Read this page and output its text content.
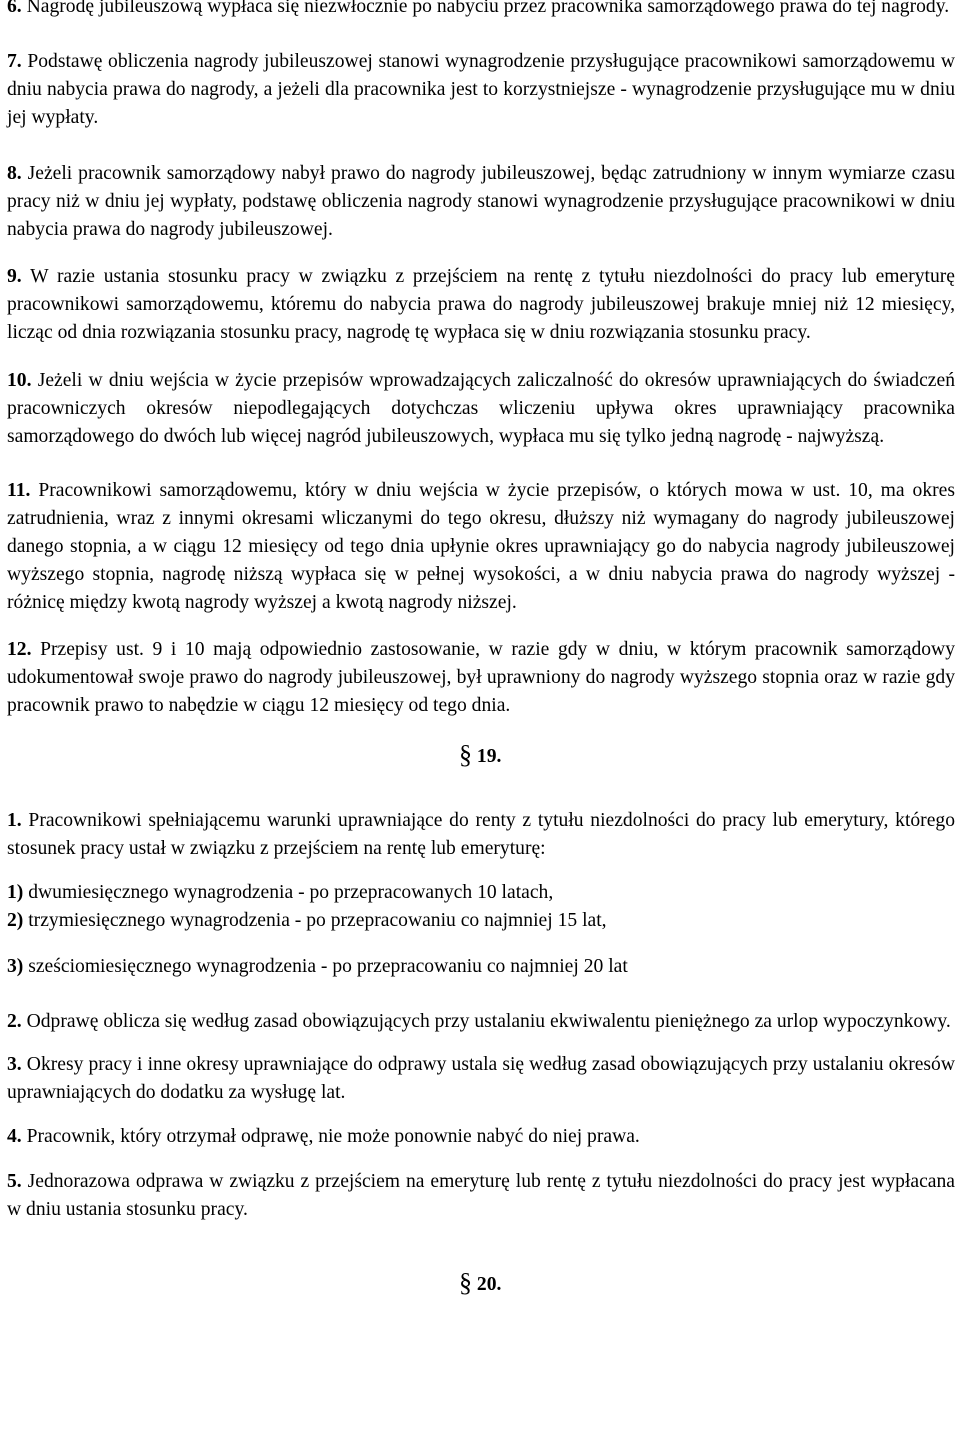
6. Nagrodę jubileuszową wypłaca się niezwłocznie po nabyciu przez pracownika samorządowego prawa do tej nagrody.

7. Podstawę obliczenia nagrody jubileuszowej stanowi wynagrodzenie przysługujące pracownikowi samorządowemu w dniu nabycia prawa do nagrody, a jeżeli dla pracownika jest to korzystniejsze - wynagrodzenie przysługujące mu w dniu jej wypłaty.

8. Jeżeli pracownik samorządowy nabył prawo do nagrody jubileuszowej, będąc zatrudniony w innym wymiarze czasu pracy niż w dniu jej wypłaty, podstawę obliczenia nagrody stanowi wynagrodzenie przysługujące pracownikowi w dniu nabycia prawa do nagrody jubileuszowej.

9. W razie ustania stosunku pracy w związku z przejściem na rentę z tytułu niezdolności do pracy lub emeryturę pracownikowi samorządowemu, któremu do nabycia prawa do nagrody jubileuszowej brakuje mniej niż 12 miesięcy, licząc od dnia rozwiązania stosunku pracy, nagrodę tę wypłaca się w dniu rozwiązania stosunku pracy.

10. Jeżeli w dniu wejścia w życie przepisów wprowadzających zaliczalność do okresów uprawniających do świadczeń pracowniczych okresów niepodlegających dotychczas wliczeniu upływa okres uprawniający pracownika samorządowego do dwóch lub więcej nagród jubileuszowych, wypłaca mu się tylko jedną nagrodę - najwyższą.

11. Pracownikowi samorządowemu, który w dniu wejścia w życie przepisów, o których mowa w ust. 10, ma okres zatrudnienia, wraz z innymi okresami wliczanymi do tego okresu, dłuższy niż wymagany do nagrody jubileuszowej danego stopnia, a w ciągu 12 miesięcy od tego dnia upłynie okres uprawniający go do nabycia nagrody jubileuszowej wyższego stopnia, nagrodę niższą wypłaca się w pełnej wysokości, a w dniu nabycia prawa do nagrody wyższej - różnicę między kwotą nagrody wyższej a kwotą nagrody niższej.

12. Przepisy ust. 9 i 10 mają odpowiednio zastosowanie, w razie gdy w dniu, w którym pracownik samorządowy udokumentował swoje prawo do nagrody jubileuszowej, był uprawniony do nagrody wyższego stopnia oraz w razie gdy pracownik prawo to nabędzie w ciągu 12 miesięcy od tego dnia.

§ 19.

1. Pracownikowi spełniającemu warunki uprawniające do renty z tytułu niezdolności do pracy lub emerytury, którego stosunek pracy ustał w związku z przejściem na rentę lub emeryturę:

1) dwumiesięcznego wynagrodzenia - po przepracowanych 10 latach,

2) trzymiesięcznego wynagrodzenia - po przepracowaniu co najmniej 15 lat,

3) sześciomiesięcznego wynagrodzenia - po przepracowaniu co najmniej 20 lat

2. Odprawę oblicza się według zasad obowiązujących przy ustalaniu ekwiwalentu pieniężnego za urlop wypoczynkowy.

3. Okresy pracy i inne okresy uprawniające do odprawy ustala się według zasad obowiązujących przy ustalaniu okresów uprawniających do dodatku za wysługę lat.

4. Pracownik, który otrzymał odprawę, nie może ponownie nabyć do niej prawa.

5. Jednorazowa odprawa w związku z przejściem na emeryturę lub rentę z tytułu niezdolności do pracy jest wypłacana w dniu ustania stosunku pracy.

§ 20.
